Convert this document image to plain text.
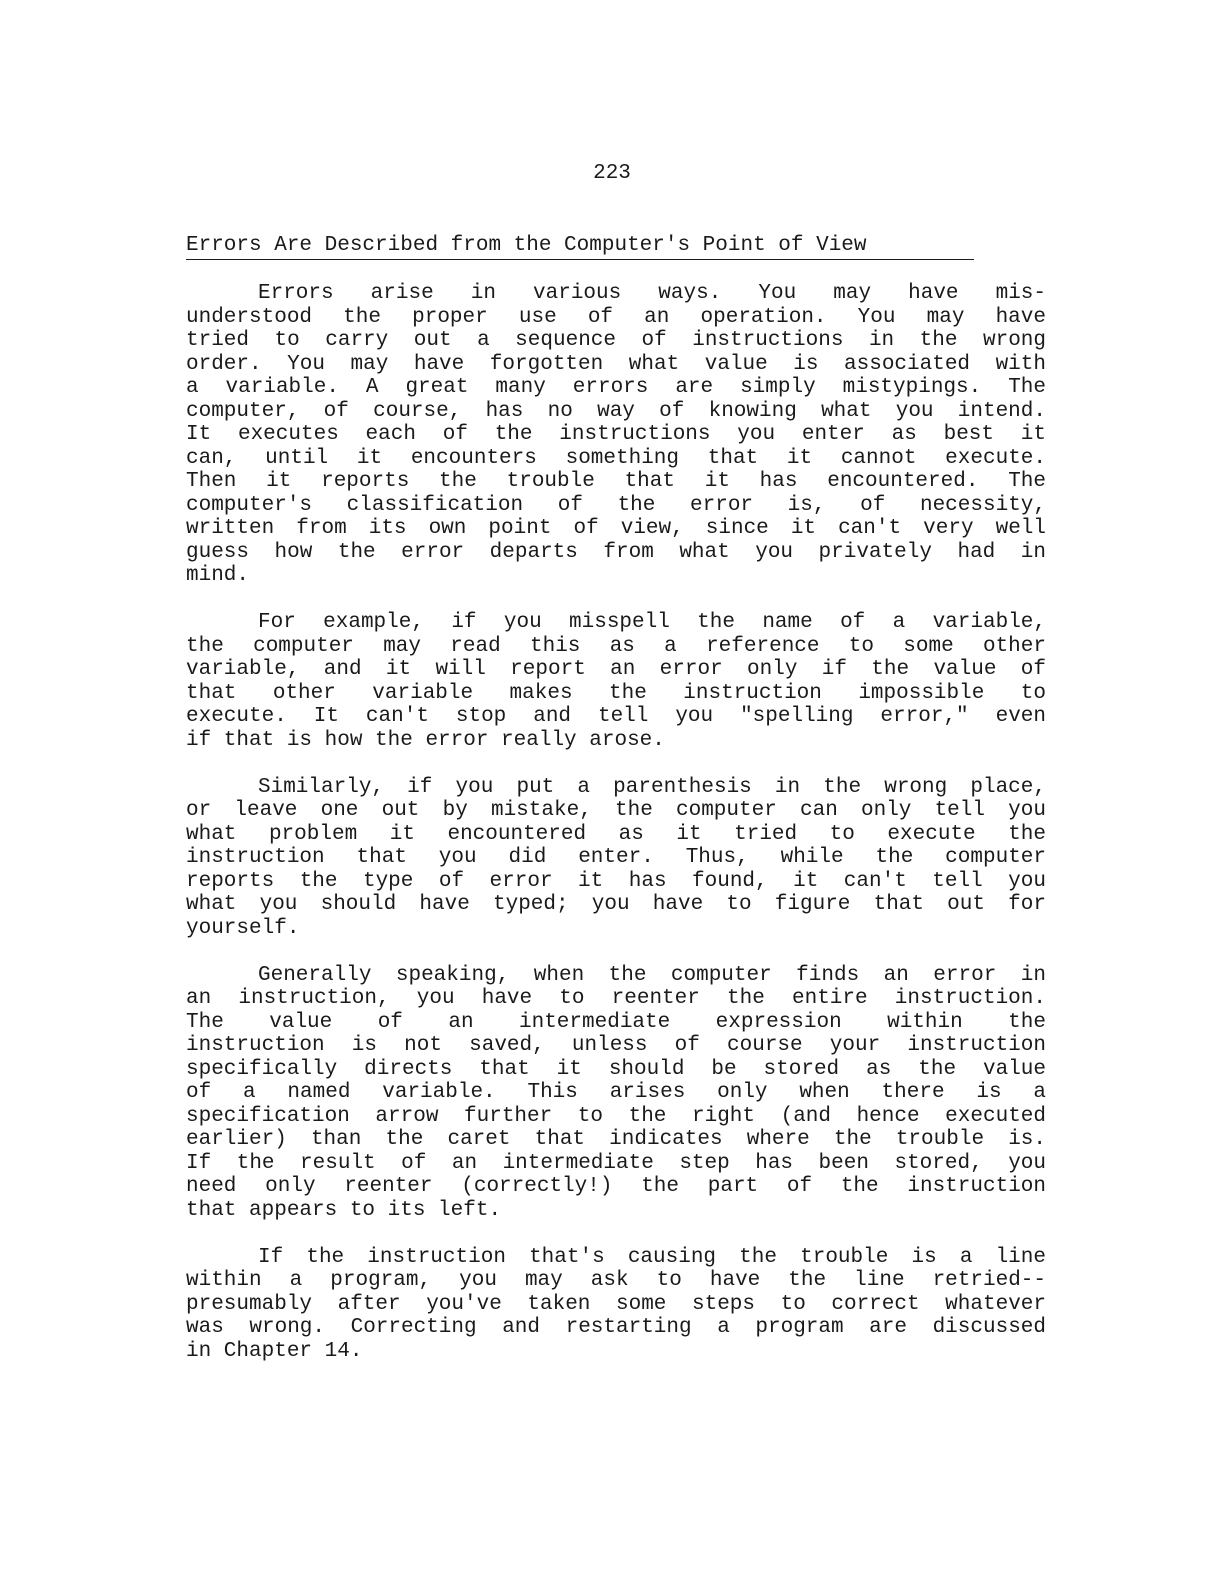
223
Errors Are Described from the Computer's Point of View

Errors arise in various ways. You may have mis-
understood the proper use of an operation. You may have
tried to carry out a sequence of instructions in the wrong
order. You may have forgotten what value is associated with
a variable. A great many errors are simply mistypings. The
computer, of course, has no way of knowing what you intend.
It executes each of the instructions you enter as best it
can, until it encounters something that it cannot execute.
Then it reports the trouble that it has encountered. The
computer's classification of the error is, of necessity,
written from its own point of view, since it can't very well
guess how the error departs from what you privately had in
mind.

For example, if you misspell the name of a variable,
the computer may read this as a reference to some other
variable, and it will report an error only if the value of
that other variable makes the instruction impossible to
execute. It can't stop and tell you "spelling error," even
if that is how the error really arose.

Similarly, if you put a parenthesis in the wrong place,
or leave one out by mistake, the computer can only tell you
what problem it encountered as it tried to execute the
instruction that you did enter. Thus, while the computer
reports the type of error it has found, it can't tell you
what you should have typed; you have to figure that out for
yourself.

Generally speaking, when the computer finds an error in
an instruction, you have to reenter the entire instruction.
The value of an intermediate expression within the
instruction is not saved, unless of course your instruction
specifically directs that it should be stored as the value
of a named variable. This arises only when there is a
specification arrow further to the right (and hence executed
earlier) than the caret that indicates where the trouble is.
If the result of an intermediate step has been stored, you
need only reenter (correctly!) the part of the instruction
that appears to its left.

If the instruction that's causing the trouble is a line
within a program, you may ask to have the line retried--
presumably after you've taken some steps to correct whatever
was wrong. Correcting and restarting a program are discussed
in Chapter 14.
